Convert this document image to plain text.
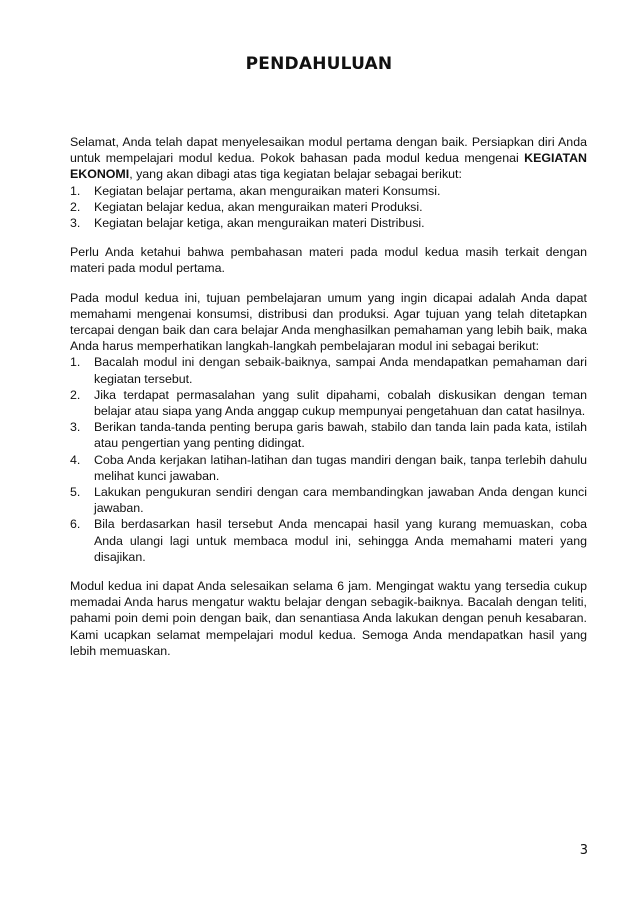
PENDAHULUAN

Selamat, Anda telah dapat menyelesaikan modul pertama dengan baik. Persiapkan diri Anda untuk mempelajari modul kedua. Pokok bahasan pada modul kedua mengenai KEGIATAN EKONOMI, yang akan dibagi atas tiga kegiatan belajar sebagai berikut:

1.	Kegiatan belajar pertama, akan menguraikan materi Konsumsi.
2.	Kegiatan belajar kedua, akan menguraikan materi Produksi.
3.	Kegiatan belajar ketiga, akan menguraikan materi Distribusi.

Perlu Anda ketahui bahwa pembahasan materi pada modul kedua masih terkait dengan materi pada modul pertama.

Pada modul kedua ini, tujuan pembelajaran umum yang ingin dicapai adalah Anda dapat memahami mengenai konsumsi, distribusi dan produksi. Agar tujuan yang telah ditetapkan tercapai dengan baik dan cara belajar Anda menghasilkan pemahaman yang lebih baik, maka Anda harus memperhatikan langkah-langkah pembelajaran modul ini sebagai berikut:

1.	Bacalah modul ini dengan sebaik-baiknya, sampai Anda mendapatkan pemahaman dari kegiatan tersebut.
2.	Jika terdapat permasalahan yang sulit dipahami, cobalah diskusikan dengan teman belajar atau siapa yang Anda anggap cukup mempunyai pengetahuan dan catat hasilnya.
3.	Berikan tanda-tanda penting berupa garis bawah, stabilo dan tanda lain pada kata, istilah atau pengertian yang penting didingat.
4.	Coba Anda kerjakan latihan-latihan dan tugas mandiri dengan baik, tanpa terlebih dahulu melihat kunci jawaban.
5.	Lakukan pengukuran sendiri dengan cara membandingkan jawaban Anda dengan kunci jawaban.
6.	Bila berdasarkan hasil tersebut Anda mencapai hasil yang kurang memuaskan, coba Anda ulangi lagi untuk membaca modul ini, sehingga Anda memahami materi yang disajikan.

Modul kedua ini dapat Anda selesaikan selama 6 jam. Mengingat waktu yang tersedia cukup memadai Anda harus mengatur waktu belajar dengan sebagik-baiknya. Bacalah dengan teliti, pahami poin demi poin dengan baik, dan senantiasa Anda lakukan dengan penuh kesabaran. Kami ucapkan selamat mempelajari modul kedua. Semoga Anda mendapatkan hasil yang lebih memuaskan.

3
